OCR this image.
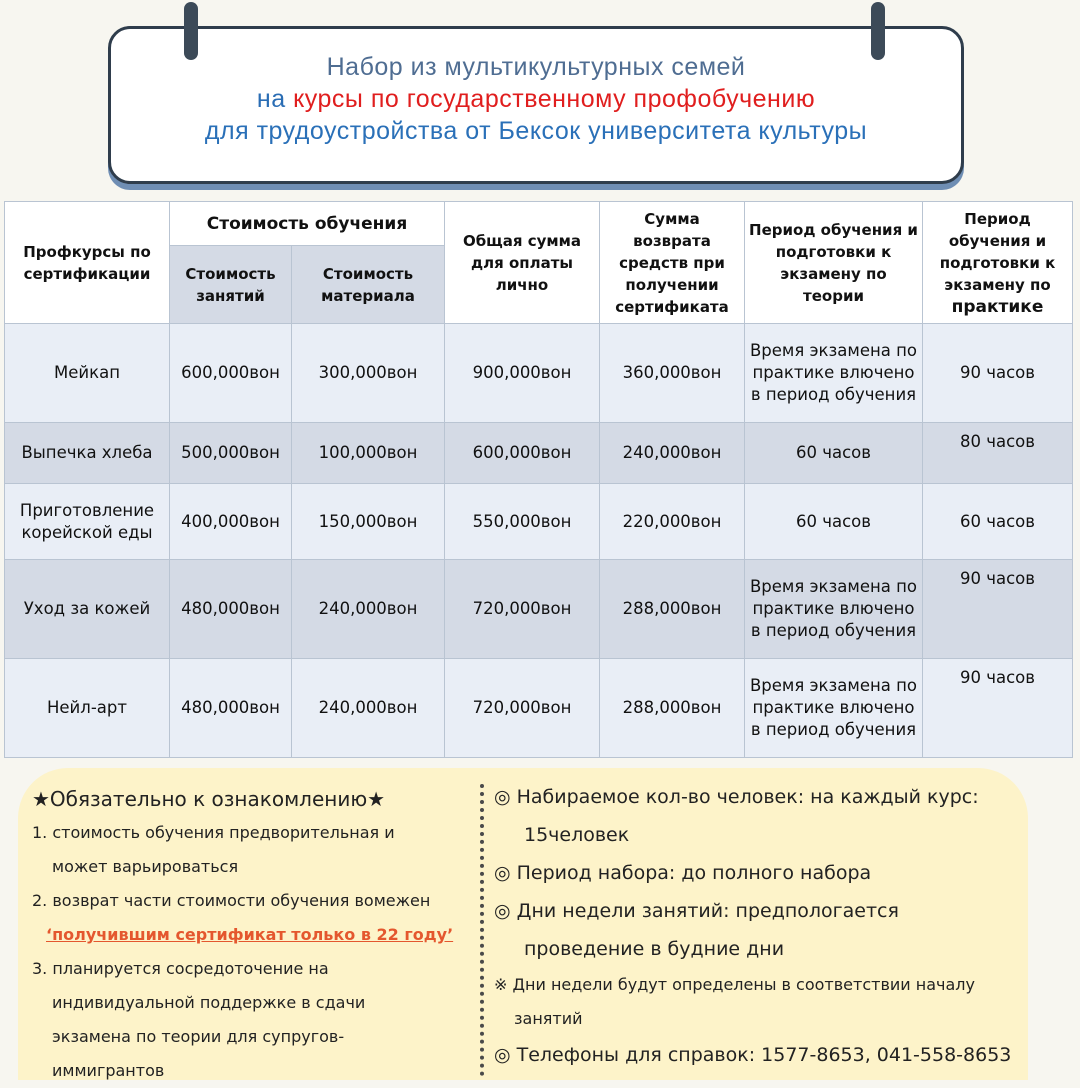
Набор из мультикультурных семей
на курсы по государственному профобучению
для трудоустройства от Бексок университета культуры
Профкурсы по сертификации	Стоимость обучения		Общая сумма для оплаты лично	Сумма возврата средств при получении сертификата	Период обучения и подготовки к экзамену по теории	Период обучения и подготовки к экзамену по практике
	Стоимость занятий	Стоимость материала				
Мейкап	600,000вон	300,000вон	900,000вон	360,000вон	Время экзамена по практике влючено в период обучения	90 часов
Выпечка хлеба	500,000вон	100,000вон	600,000вон	240,000вон	60 часов	80 часов
Приготовление корейской еды	400,000вон	150,000вон	550,000вон	220,000вон	60 часов	60 часов
Уход за кожей	480,000вон	240,000вон	720,000вон	288,000вон	Время экзамена по практике влючено в период обучения	90 часов
Нейл-арт	480,000вон	240,000вон	720,000вон	288,000вон	Время экзамена по практике влючено в период обучения	90 часов
★Обязательно к ознакомлению★
1. стоимость обучения предворительная и
может варьироваться
2. возврат части стоимости обучения вомежен
‘получившим сертификат только в 22 году’
3. планируется сосредоточение на
индивидуальной поддержке в сдачи
экзамена по теории для супругов-
иммигрантов
◎ Набираемое кол-во человек: на каждый курс:
15человек
◎ Период набора: до полного набора
◎ Дни недели занятий: предпологается
проведение в будние дни
※ Дни недели будут определены в соответствии началу
занятий
◎ Телефоны для справок: 1577-8653, 041-558-8653
